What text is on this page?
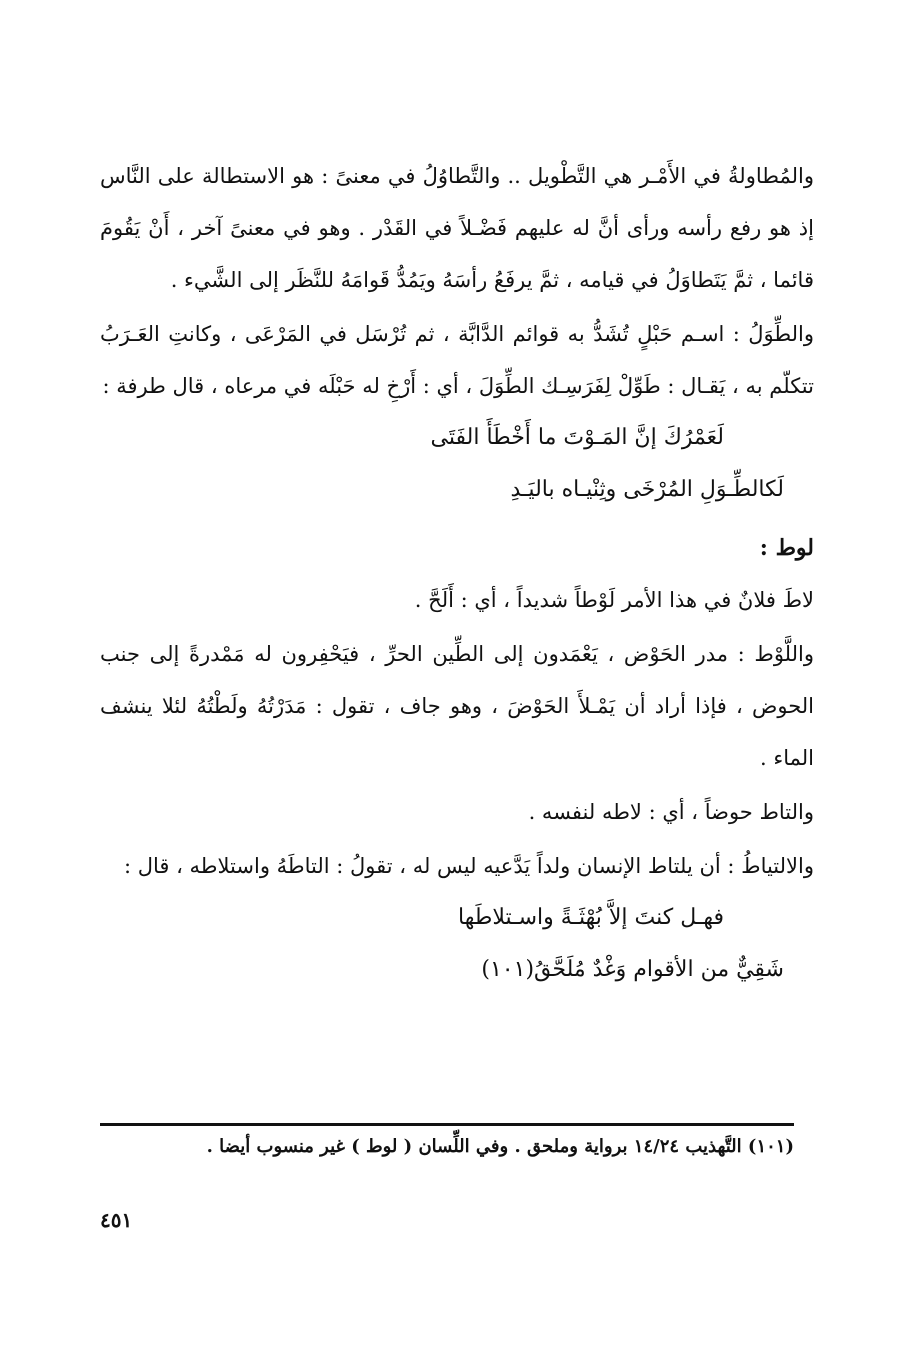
والمُطاولةُ في الأَمْـر هي التَّطْويل .. والتَّطاوُلُ في معنىً : هو الاستطالة على النَّاس إذ هو رفع رأسه ورأى أنَّ له عليهم فَضْـلاً في القَدْر . وهو في معنىً آخر ، أَنْ يَقُومَ قائما ، ثمَّ يَتَطاوَلُ في قيامه ، ثمَّ يرفَعُ رأسَهُ ويَمُدُّ قَوامَهُ للنَّظَر إلى الشَّيء .

والطِّوَلُ : اسـم حَبْلٍ تُشَدُّ به قوائم الدَّابَّة ، ثم تُرْسَل في المَرْعَى ، وكانتِ العَـرَبُ تتكلّم به ، يَقـال : طَوِّلْ لِفَرَسِـك الطِّوَلَ ، أي : أَرْخِ له حَبْلَه في مرعاه ، قال طرفة :

لَعَمْرُكَ إنَّ المَـوْتَ ما أَخْطَأَ الفَتَى

لَكالطِّـوَلِ المُرْخَى وثِنْيـاه باليَـدِ

لوط :

لاطَ فلانٌ في هذا الأمر لَوْطاً شديداً ، أي : أَلَحَّ .

واللَّوْط : مدر الحَوْض ، يَعْمَدون إلى الطِّين الحرِّ ، فيَحْفِرون له مَمْدرةً إلى جنب الحوض ، فإذا أراد أن يَمْـلأَ الحَوْضَ ، وهو جاف ، تقول : مَدَرْتُهُ ولَطْتُهُ لئلا ينشف الماء .

والتاط حوضاً ، أي : لاطه لنفسه .

والالتياطُ : أن يلتاط الإنسان ولداً يَدَّعيه ليس له ، تقولُ : التاطَهُ واستلاطه ، قال :

فهـل كنتَ إلاَّ بُهْثَـةً واسـتلاطَها

شَقِيٌّ من الأقوام وَغْدٌ مُلَحَّقُ(١٠١)

(١٠١) التَّهذيب ١٤/٢٤ برواية وملحق . وفي اللِّسان ( لوط ) غير منسوب أيضا .
٤٥١
